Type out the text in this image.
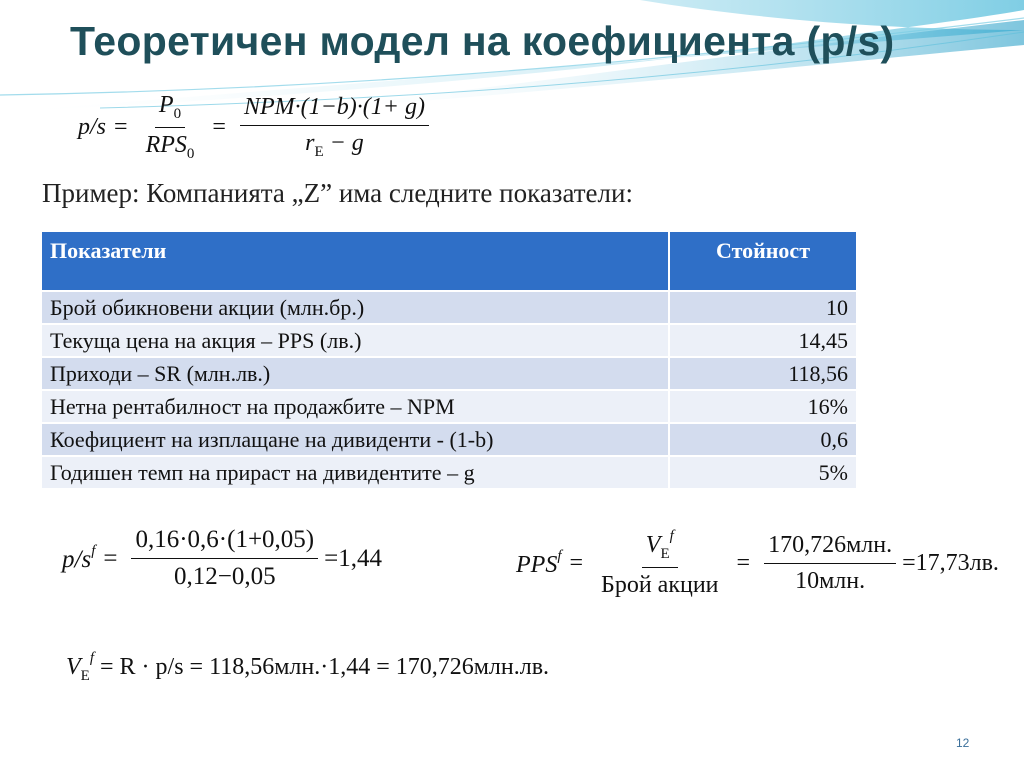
Теоретичен модел на коефициента (p/s)
$p/s = \frac{P_0}{RPS_0} = \frac{\text{NPM·(1−b)·(1+ g)}}{r_E - g}$
Пример: Компанията „Z” има следните показатели:
Показатели	Стойност
Брой обикновени акции (млн.бр.)	10
Текуща цена на акция – PPS (лв.)	14,45
Приходи – SR (млн.лв.)	118,56
Нетна рентабилност на продажбите – NPM	16%
Коефициент на изплащане на дивиденти - (1-b)	0,6
Годишен темп на прираст на дивидентите – g	5%
$p/s^f = \frac{0,16\cdot 0,6\cdot(1+0,05)}{0,12-0,05} =1,44$	$PPS^f = \frac{V_E^f}{\text{Брой акции}} = \frac{\text{170,726млн.}}{\text{10млн.}} =17,73лв$.
$V_E^f = R \cdot p/s = 118,56млн.\cdot 1,44 = 170,726млн.лв$.
12
